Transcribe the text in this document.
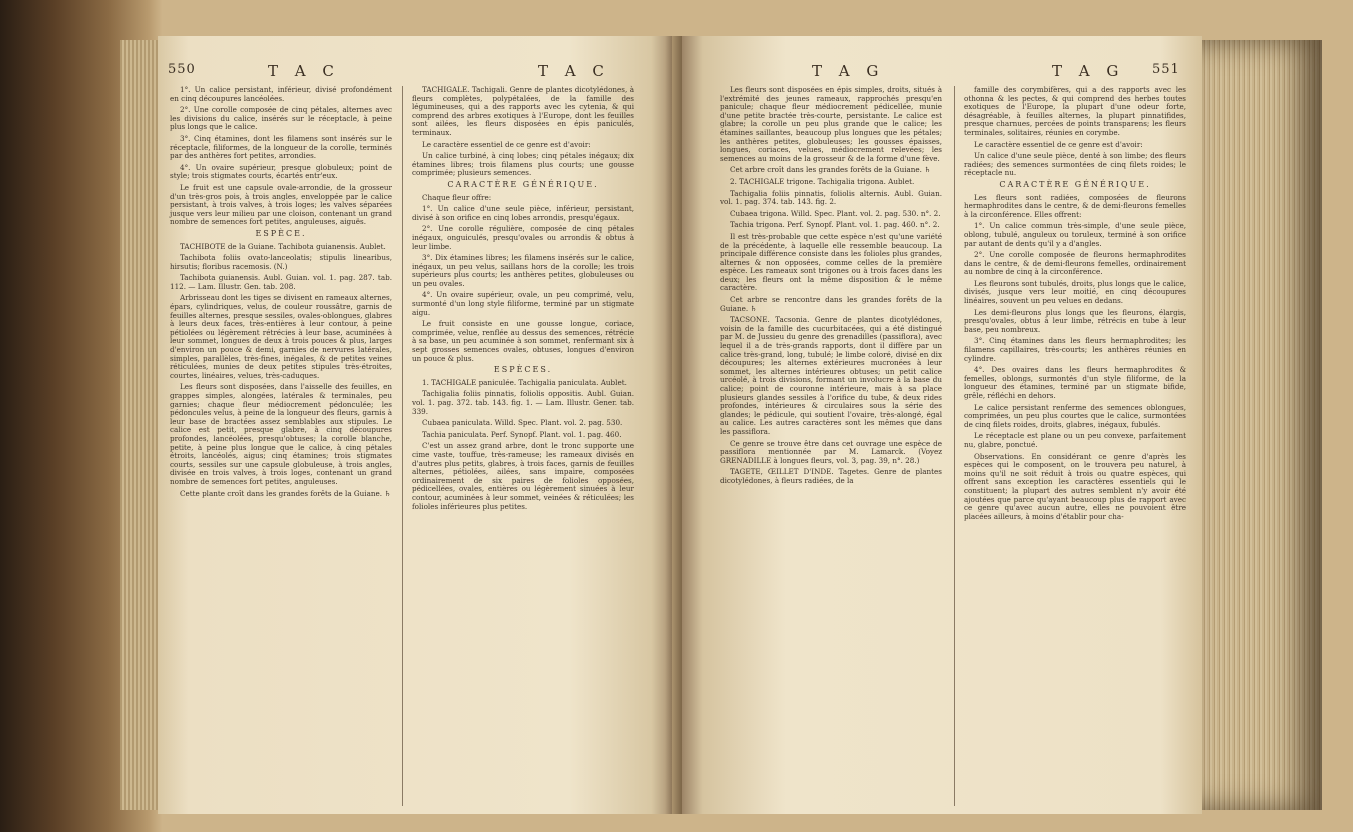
550	T A C	T A C

1°. Un calice persistant, inférieur, divisé profondément en cinq découpures lancéolées.

2°. Une corolle composée de cinq pétales, alternes avec les divisions du calice, insérés sur le réceptacle, à peine plus longs que le calice.

3°. Cinq étamines, dont les filamens sont insérés sur le réceptacle, filiformes, de la longueur de la corolle, terminés par des anthères fort petites, arrondies.

4°. Un ovaire supérieur, presque globuleux; point de style; trois stigmates courts, écartés entr'eux.

Le fruit est une capsule ovale-arrondie, de la grosseur d'un très-gros pois, à trois angles, enveloppée par le calice persistant, à trois valves, à trois loges; les valves séparées jusque vers leur milieu par une cloison, contenant un grand nombre de semences fort petites, anguleuses, aiguës.

ESPÈCE.

TACHIBOTE de la Guiane. Tachibota guianensis. Aublet.

Tachibota foliis ovato-lanceolatis; stipulis linearibus, hirsutis; floribus racemosis. (N.)

Tachibota guianensis. Aubl. Guian. vol. 1. pag. 287. tab. 112. — Lam. Illustr. Gen. tab. 208.

Arbrisseau dont les tiges se divisent en rameaux alternes, épars, cylindriques, velus, de couleur roussâtre, garnis de feuilles alternes, presque sessiles, ovales-oblongues, glabres à leurs deux faces, très-entières à leur contour, à peine pétiolées ou légèrement rétrécies à leur base, acuminées à leur sommet, longues de deux à trois pouces & plus, larges d'environ un pouce & demi, garnies de nervures latérales, simples, parallèles, très-fines, inégales, & de petites veines réticulées, munies de deux petites stipules très-étroites, courtes, linéaires, velues, très-caduques.

Les fleurs sont disposées, dans l'aisselle des feuilles, en grappes simples, alongées, latérales & terminales, peu garnies; chaque fleur médiocrement pédonculée; les pédoncules velus, à peine de la longueur des fleurs, garnis à leur base de bractées assez semblables aux stipules. Le calice est petit, presque glabre, à cinq découpures profondes, lancéolées, presqu'obtuses; la corolle blanche, petite, à peine plus longue que le calice, à cinq pétales étroits, lancéolés, aigus; cinq étamines; trois stigmates courts, sessiles sur une capsule globuleuse, à trois angles, divisée en trois valves, à trois loges, contenant un grand nombre de semences fort petites, anguleuses.

Cette plante croît dans les grandes forêts de la Guiane. ♄

TACHIGALE. Tachigali. Genre de plantes dicotylédones, à fleurs complètes, polypétalées, de la famille des légumineuses, qui a des rapports avec les cytenia, & qui comprend des arbres exotiques à l'Europe, dont les feuilles sont ailées, les fleurs disposées en épis paniculés, terminaux.

Le caractère essentiel de ce genre est d'avoir:

Un calice turbiné, à cinq lobes; cinq pétales inégaux; dix étamines libres; trois filamens plus courts; une gousse comprimée; plusieurs semences.

CARACTÈRE GÉNÉRIQUE.

Chaque fleur offre:

1°. Un calice d'une seule pièce, inférieur, persistant, divisé à son orifice en cinq lobes arrondis, presqu'égaux.

2°. Une corolle régulière, composée de cinq pétales inégaux, onguiculés, presqu'ovales ou arrondis & obtus à leur limbe.

3°. Dix étamines libres; les filamens insérés sur le calice, inégaux, un peu velus, saillans hors de la corolle; les trois supérieurs plus courts; les anthères petites, globuleuses ou un peu ovales.

4°. Un ovaire supérieur, ovale, un peu comprimé, velu, surmonté d'un long style filiforme, terminé par un stigmate aigu.

Le fruit consiste en une gousse longue, coriace, comprimée, velue, renflée au dessus des semences, rétrécie à sa base, un peu acuminée à son sommet, renfermant six à sept grosses semences ovales, obtuses, longues d'environ un pouce & plus.

ESPÈCES.

1. TACHIGALE paniculée. Tachigalia paniculata. Aublet.

Tachigalia foliis pinnatis, foliolis oppositis. Aubl. Guian. vol. 1. pag. 372. tab. 143. fig. 1. — Lam. Illustr. Gener. tab. 339.

Cubaea paniculata. Willd. Spec. Plant. vol. 2. pag. 530.

Tachia paniculata. Perf. Synopf. Plant. vol. 1. pag. 460.

C'est un assez grand arbre, dont le tronc supporte une cime vaste, touffue, très-rameuse; les rameaux divisés en d'autres plus petits, glabres, à trois faces, garnis de feuilles alternes, pétiolées, ailées, sans impaire, composées ordinairement de six paires de folioles opposées, pédicellées, ovales, entières ou légèrement sinuées à leur contour, acuminées à leur sommet, veinées & réticulées; les folioles inférieures plus petites.

T A G	T A G 551

Les fleurs sont disposées en épis simples, droits, situés à l'extrémité des jeunes rameaux, rapprochés presqu'en panicule; chaque fleur médiocrement pédicellée, munie d'une petite bractée très-courte, persistante. Le calice est glabre; la corolle un peu plus grande que le calice; les étamines saillantes, beaucoup plus longues que les pétales; les anthères petites, globuleuses; les gousses épaisses, longues, coriaces, velues, médiocrement relevées; les semences au moins de la grosseur & de la forme d'une fève.

Cet arbre croît dans les grandes forêts de la Guiane. ♄

2. TACHIGALE trigone. Tachigalia trigona. Aublet.

Tachigalia foliis pinnatis, foliolis alternis. Aubl. Guian. vol. 1. pag. 374. tab. 143. fig. 2.

Cubaea trigona. Willd. Spec. Plant. vol. 2. pag. 530. n°. 2.

Tachia trigona. Perf. Synopf. Plant. vol. 1. pag. 460. n°. 2.

Il est très-probable que cette espèce n'est qu'une variété de la précédente, à laquelle elle ressemble beaucoup. La principale différence consiste dans les folioles plus grandes, alternes & non opposées, comme celles de la première espèce. Les rameaux sont trigones ou à trois faces dans les deux; les fleurs ont la même disposition & le même caractère.

Cet arbre se rencontre dans les grandes forêts de la Guiane. ♄

TACSONE. Tacsonia. Genre de plantes dicotylédones, voisin de la famille des cucurbitacées, qui a été distingué par M. de Jussieu du genre des grenadilles (passiflora), avec lequel il a de très-grands rapports, dont il diffère par un calice très-grand, long, tubulé; le limbe coloré, divisé en dix découpures; les alternes extérieures mucronées à leur sommet, les alternes intérieures obtuses; un petit calice urcéolé, à trois divisions, formant un involucre à la base du calice; point de couronne intérieure, mais à sa place plusieurs glandes sessiles à l'orifice du tube, & deux rides profondes, intérieures & circulaires sous la série des glandes; le pédicule, qui soutient l'ovaire, très-alongé, égal au calice. Les autres caractères sont les mêmes que dans les passiflora.

Ce genre se trouve être dans cet ouvrage une espèce de passiflora mentionnée par M. Lamarck. (Voyez GRENADILLE à longues fleurs, vol. 3, pag. 39, n°. 28.)

TAGETE, ŒILLET D'INDE. Tagetes. Genre de plantes dicotylédones, à fleurs radiées, de la

famille des corymbifères, qui a des rapports avec les othonna & les pectes, & qui comprend des herbes toutes exotiques de l'Europe, la plupart d'une odeur forte, désagréable, à feuilles alternes, la plupart pinnatifides, presque charnues, percées de points transparens; les fleurs terminales, solitaires, réunies en corymbe.

Le caractère essentiel de ce genre est d'avoir:

Un calice d'une seule pièce, denté à son limbe; des fleurs radiées; des semences surmontées de cinq filets roides; le réceptacle nu.

CARACTÈRE GÉNÉRIQUE.

Les fleurs sont radiées, composées de fleurons hermaphrodites dans le centre, & de demi-fleurons femelles à la circonférence. Elles offrent:

1°. Un calice commun très-simple, d'une seule pièce, oblong, tubulé, anguleux ou toruleux, terminé à son orifice par autant de dents qu'il y a d'angles.

2°. Une corolle composée de fleurons hermaphrodites dans le centre, & de demi-fleurons femelles, ordinairement au nombre de cinq à la circonférence.

Les fleurons sont tubulés, droits, plus longs que le calice, divisés, jusque vers leur moitié, en cinq découpures linéaires, souvent un peu velues en dedans.

Les demi-fleurons plus longs que les fleurons, élargis, presqu'ovales, obtus à leur limbe, rétrécis en tube à leur base, peu nombreux.

3°. Cinq étamines dans les fleurs hermaphrodites; les filamens capillaires, très-courts; les anthères réunies en cylindre.

4°. Des ovaires dans les fleurs hermaphrodites & femelles, oblongs, surmontés d'un style filiforme, de la longueur des étamines, terminé par un stigmate bifide, grêle, réfléchi en dehors.

Le calice persistant renferme des semences oblongues, comprimées, un peu plus courtes que le calice, surmontées de cinq filets roides, droits, glabres, inégaux, fubulés.

Le réceptacle est plane ou un peu convexe, parfaitement nu, glabre, ponctué.

Observations. En considérant ce genre d'après les espèces qui le composent, on le trouvera peu naturel, à moins qu'il ne soit réduit à trois ou quatre espèces, qui offrent sans exception les caractères essentiels qui le constituent; la plupart des autres semblent n'y avoir été ajoutées que parce qu'ayant beaucoup plus de rapport avec ce genre qu'avec aucun autre, elles ne pouvoient être placées ailleurs, à moins d'établir pour cha-
